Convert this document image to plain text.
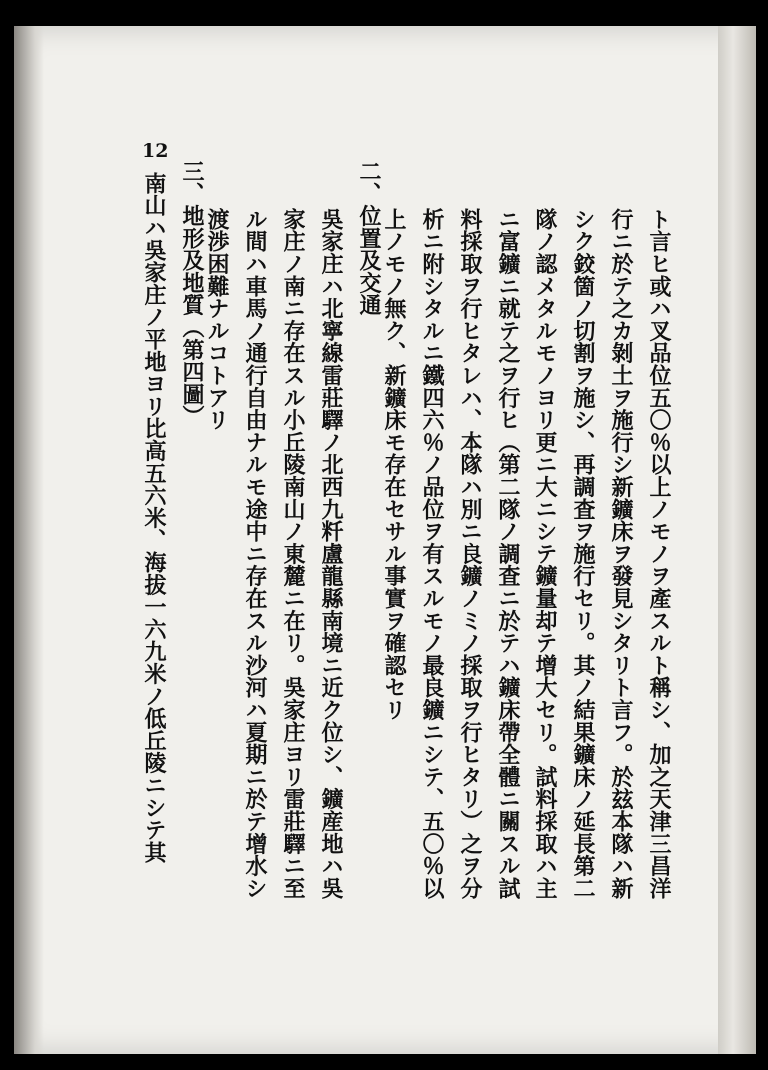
12
ト言ヒ或ハ叉品位五〇％以上ノモノヲ產スルト稱シ、加之天津三昌洋
行ニ於テ之カ剝土ヲ施行シ新鑛床ヲ發見シタリト言フ。於玆本隊ハ新
シク鉸箇ノ切割ヲ施シ、再調査ヲ施行セリ。其ノ結果鑛床ノ延長第二
隊ノ認メタルモノヨリ更ニ大ニシテ鑛量却テ增大セリ。試料採取ハ主
ニ富鑛ニ就テ之ヲ行ヒ（第二隊ノ調査ニ於テハ鑛床帶全體ニ關スル試
料採取ヲ行ヒタレハ、本隊ハ別ニ良鑛ノミノ採取ヲ行ヒタリ）之ヲ分
析ニ附シタルニ鐵四六％ノ品位ヲ有スルモノ最良鑛ニシテ、五〇％以
上ノモノ無ク、新鑛床モ存在セサル事實ヲ確認セリ
二、位置及交通
吳家庄ハ北寧線雷莊驛ノ北西九粁盧龍縣南境ニ近ク位シ、鑛産地ハ吳
家庄ノ南ニ存在スル小丘陵南山ノ東麓ニ在リ。吳家庄ヨリ雷莊驛ニ至
ル間ハ車馬ノ通行自由ナルモ途中ニ存在スル沙河ハ夏期ニ於テ增水シ
渡渉困難ナルコトアリ
三、地形及地質（第四圖）
南山ハ吳家庄ノ平地ヨリ比高五六米、海拔一六九米ノ低丘陵ニシテ其
